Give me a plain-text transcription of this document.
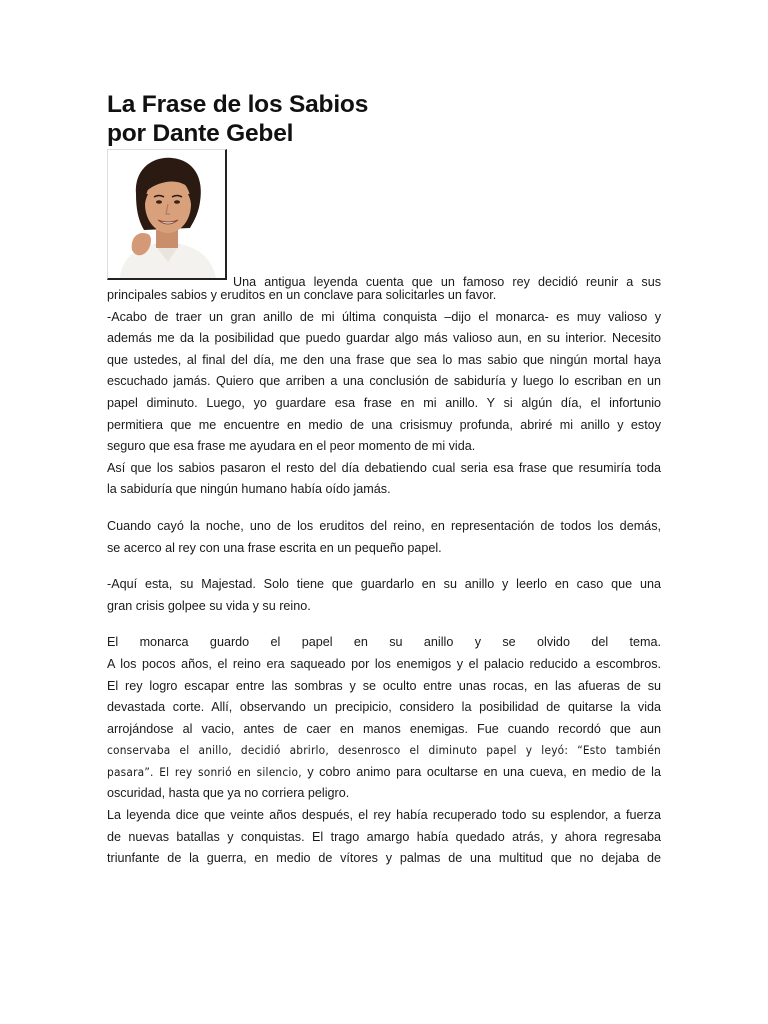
La Frase de los Sabios
por Dante Gebel
Una antigua leyenda cuenta que un famoso rey decidió reunir a sus

principales sabios y eruditos en un conclave para solicitarles un favor.

-Acabo de traer un gran anillo de mi última conquista –dijo el monarca- es muy valioso y

además me da la posibilidad que puedo guardar algo más valioso aun, en su interior. Necesito

que ustedes, al final del día, me den una frase que sea lo mas sabio que ningún mortal haya

escuchado jamás. Quiero que arriben a una conclusión de sabiduría y luego lo escriban en un

papel diminuto. Luego, yo guardare esa frase en mi anillo. Y si algún día, el infortunio

permitiera que me encuentre en medio de una crisismuy profunda, abriré mi anillo y estoy

seguro que esa frase me ayudara en el peor momento de mi vida.

Así que los sabios pasaron el resto del día debatiendo cual seria esa frase que resumiría toda

la sabiduría que ningún humano había oído jamás.

Cuando cayó la noche, uno de los eruditos del reino, en representación de todos los demás,

se acerco al rey con una frase escrita en un pequeño papel.

-Aquí esta, su Majestad. Solo tiene que guardarlo en su anillo y leerlo en caso que una

gran crisis golpee su vida y su reino.

El monarca guardo el papel en su anillo y se olvido del tema.

A los pocos años, el reino era saqueado por los enemigos y el palacio reducido a escombros.

El rey logro escapar entre las sombras y se oculto entre unas rocas, en las afueras de su

devastada corte. Allí, observando un precipicio, considero la posibilidad de quitarse la vida

arrojándose al vacio, antes de caer en manos enemigas. Fue cuando recordó que aun

conservaba el anillo, decidió abrirlo, desenrosco el diminuto papel y leyó: “Esto también

pasara”. El rey sonrió en silencio, y cobro animo para ocultarse en una cueva, en medio de la

oscuridad, hasta que ya no corriera peligro.

La leyenda dice que veinte años después, el rey había recuperado todo su esplendor, a fuerza

de nuevas batallas y conquistas. El trago amargo había quedado atrás, y ahora regresaba

triunfante de la guerra, en medio de vítores y palmas de una multitud que no dejaba de
